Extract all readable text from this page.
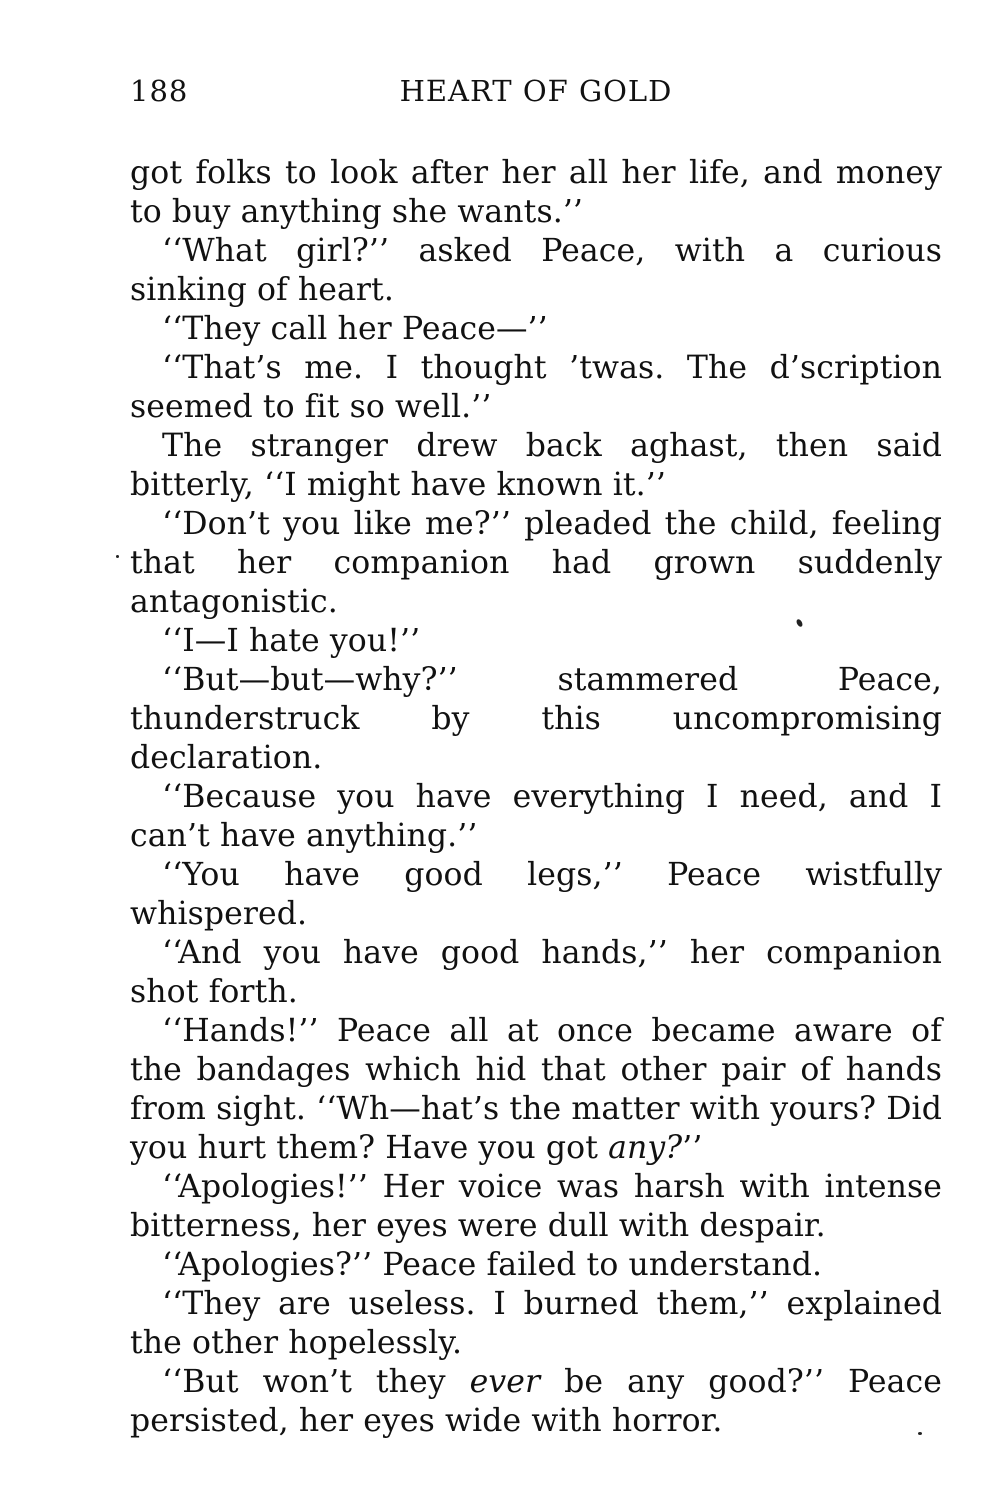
188	HEART OF GOLD

got folks to look after her all her life, and money to buy anything she wants.’’

‘‘What girl?’’ asked Peace, with a curious sinking of heart.

‘‘They call her Peace—’’

‘‘That’s me. I thought ’twas. The d’scription seemed to fit so well.’’

The stranger drew back aghast, then said bitterly, ‘‘I might have known it.’’

‘‘Don’t you like me?’’ pleaded the child, feeling that her companion had grown suddenly antagonistic.

‘‘I—I hate you!’’

‘‘But—but—why?’’ stammered Peace, thunderstruck by this uncompromising declaration.

‘‘Because you have everything I need, and I can’t have anything.’’

‘‘You have good legs,’’ Peace wistfully whispered.

‘‘And you have good hands,’’ her companion shot forth.

‘‘Hands!’’ Peace all at once became aware of the bandages which hid that other pair of hands from sight. ‘‘Wh—hat’s the matter with yours? Did you hurt them? Have you got any?’’

‘‘Apologies!’’ Her voice was harsh with intense bitterness, her eyes were dull with despair.

‘‘Apologies?’’ Peace failed to understand.

‘‘They are useless. I burned them,’’ explained the other hopelessly.

‘‘But won’t they ever be any good?’’ Peace persisted, her eyes wide with horror.
